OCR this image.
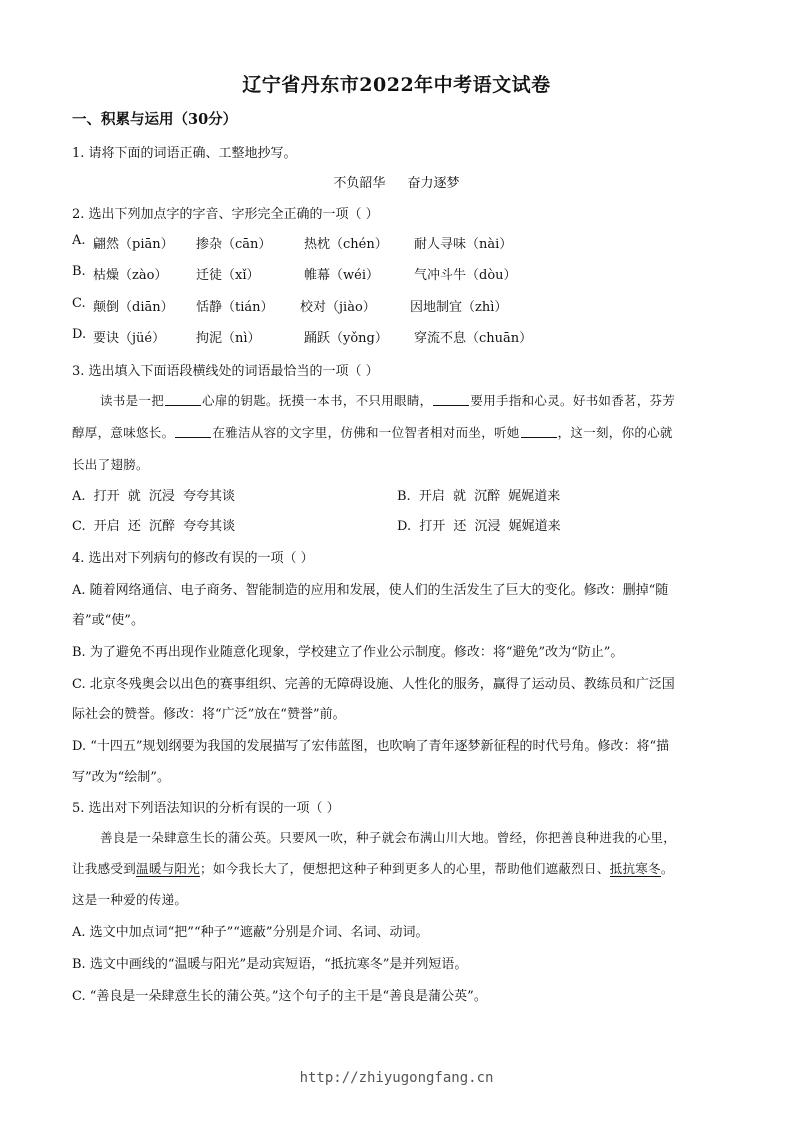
辽宁省丹东市2022年中考语文试卷
一、积累与运用（30分）
1. 请将下面的词语正确、工整地抄写。
不负韶华 奋力逐梦
2. 选出下列加点字的字音、字形完全正确的一项（ ）
A. 翩然（piān） 掺杂（cān）	热枕（chén） 耐人寻味（nài）
B. 枯燥（zào） 迁徒（xǐ）	帷幕（wéi）	气冲斗牛（dòu）
C. 颠倒（diān） 恬静（tián） 校对（jiào）	因地制宜（zhì）
D. 要诀（jüé） 拘泥（nì）	踊跃（yǒng） 穿流不息（chuān）
3. 选出填入下面语段横线处的词语最恰当的一项（ ）
读书是一把	心扉的钥匙。抚摸一本书，不只用眼睛，	要用手指和心灵。好书如香茗，芬芳
醇厚，意味悠长。	在雅洁从容的文字里，仿佛和一位智者相对而坐，听她	，这一刻，你的心就
长出了翅膀。
A. 打开 就 沉浸 夸夸其谈	B. 开启 就 沉醉 娓娓道来
C. 开启 还 沉醉 夸夸其谈	D. 打开 还 沉浸 娓娓道来
4. 选出对下列病句的修改有误的一项（ ）
A. 随着网络通信、电子商务、智能制造的应用和发展，使人们的生活发生了巨大的变化。修改：删掉“随
着”或“使”。
B. 为了避免不再出现作业随意化现象，学校建立了作业公示制度。修改：将“避免”改为“防止”。
C. 北京冬残奥会以出色的赛事组织、完善的无障碍设施、人性化的服务，赢得了运动员、教练员和广泛国
际社会的赞誉。修改：将“广泛”放在“赞誉”前。
D. “十四五”规划纲要为我国的发展描写了宏伟蓝图，也吹响了青年逐梦新征程的时代号角。修改：将“描
写”改为“绘制”。
5. 选出对下列语法知识的分析有误的一项（ ）
善良是一朵肆意生长的蒲公英。只要风一吹，种子就会布满山川大地。曾经，你把善良种进我的心里，
让我感受到温暖与阳光；如今我长大了，便想把这种子种到更多人的心里，帮助他们遮蔽烈日、抵抗寒冬。
这是一种爱的传递。
A. 选文中加点词“把”“种子”“遮蔽”分别是介词、名词、动词。
B. 选文中画线的“温暖与阳光”是动宾短语，“抵抗寒冬”是并列短语。
C. “善良是一朵肆意生长的蒲公英。”这个句子的主干是“善良是蒲公英”。
http://zhiyugongfang.cn
